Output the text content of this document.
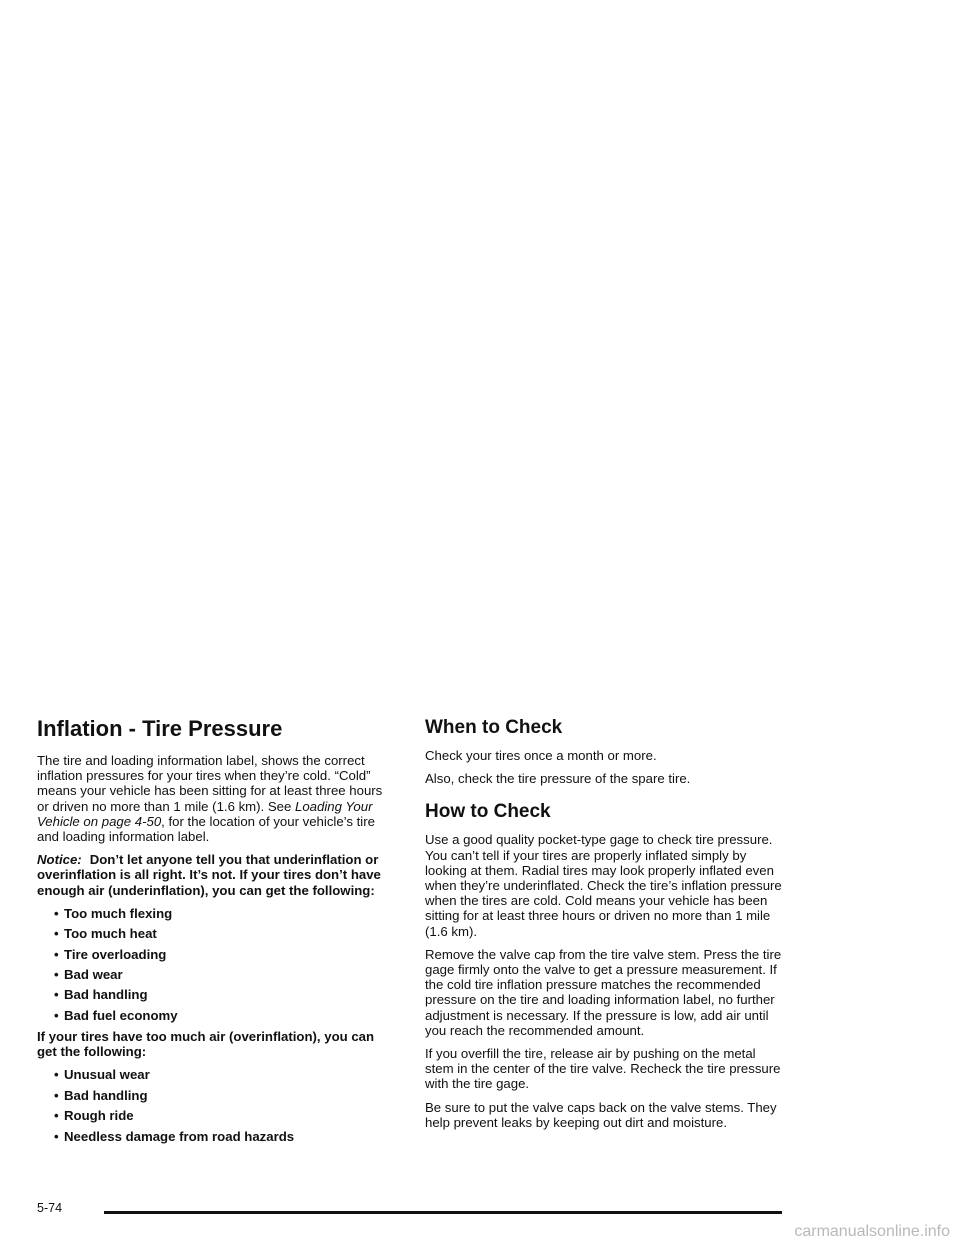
Inflation - Tire Pressure

The tire and loading information label, shows the correct inflation pressures for your tires when they’re cold. “Cold” means your vehicle has been sitting for at least three hours or driven no more than 1 mile (1.6 km). See Loading Your Vehicle on page 4-50, for the location of your vehicle’s tire and loading information label.

Notice: Don’t let anyone tell you that underinflation or overinflation is all right. It’s not. If your tires don’t have enough air (underinflation), you can get the following:

• Too much flexing
• Too much heat
• Tire overloading
• Bad wear
• Bad handling
• Bad fuel economy

If your tires have too much air (overinflation), you can get the following:

• Unusual wear
• Bad handling
• Rough ride
• Needless damage from road hazards
When to Check

Check your tires once a month or more.

Also, check the tire pressure of the spare tire.

How to Check

Use a good quality pocket-type gage to check tire pressure. You can’t tell if your tires are properly inflated simply by looking at them. Radial tires may look properly inflated even when they’re underinflated. Check the tire’s inflation pressure when the tires are cold. Cold means your vehicle has been sitting for at least three hours or driven no more than 1 mile (1.6 km).

Remove the valve cap from the tire valve stem. Press the tire gage firmly onto the valve to get a pressure measurement. If the cold tire inflation pressure matches the recommended pressure on the tire and loading information label, no further adjustment is necessary. If the pressure is low, add air until you reach the recommended amount.

If you overfill the tire, release air by pushing on the metal stem in the center of the tire valve. Recheck the tire pressure with the tire gage.

Be sure to put the valve caps back on the valve stems. They help prevent leaks by keeping out dirt and moisture.

5-74
carmanualsonline.info
